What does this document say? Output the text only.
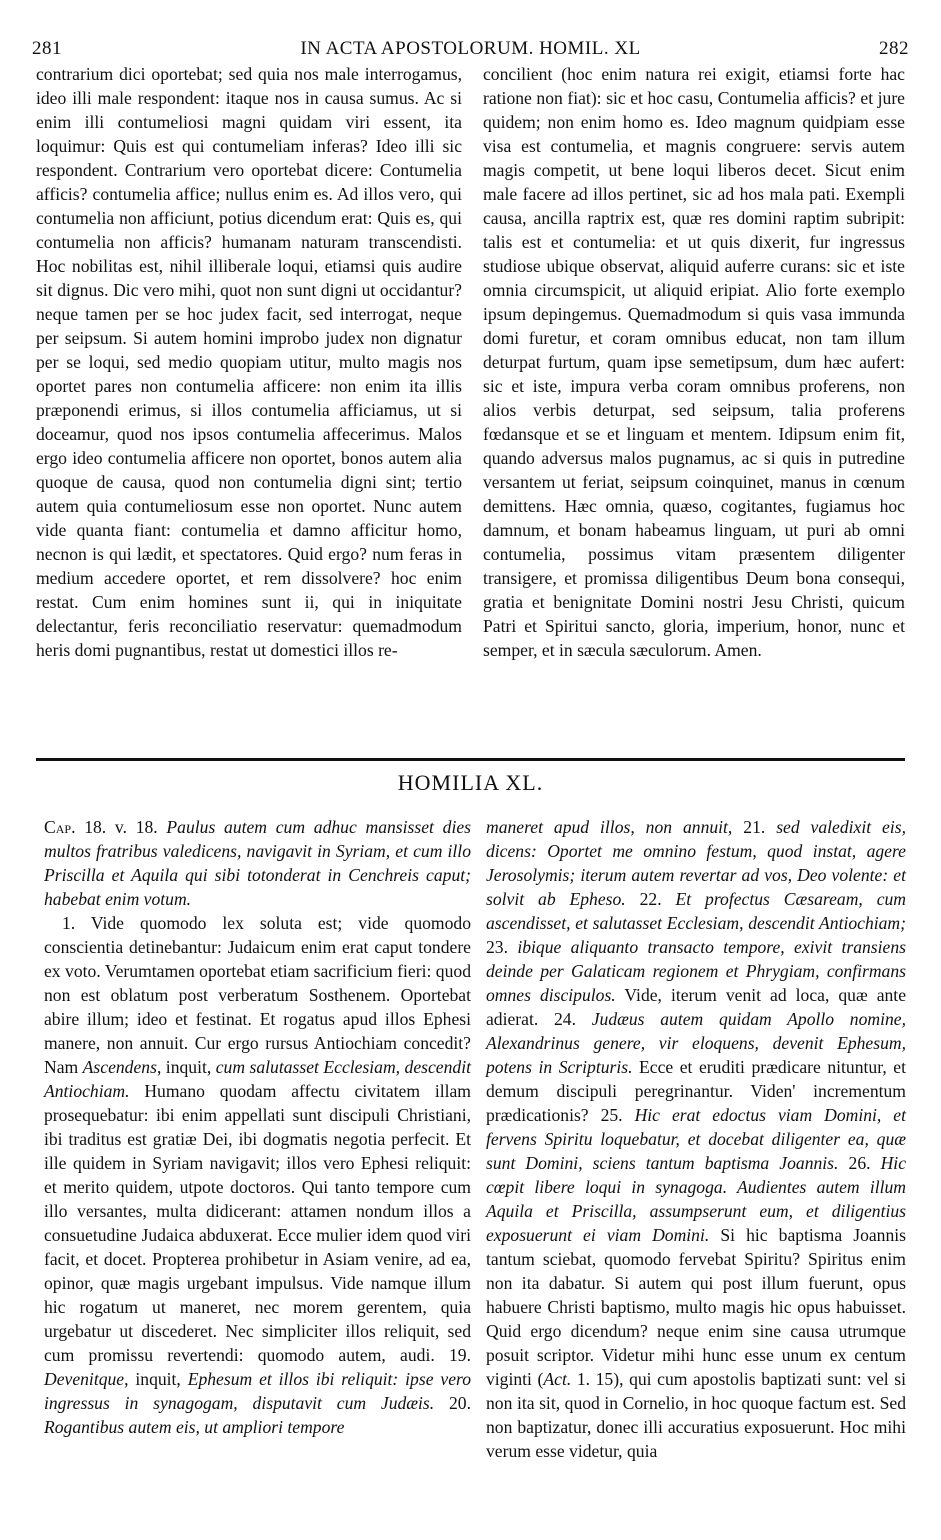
281	IN ACTA APOSTOLORUM. HOMIL. XL	282

contrarium dici oportebat; sed quia nos male interrogamus, ideo illi male respondent: itaque nos in causa sumus. Ac si enim illi contumeliosi magni quidam viri essent, ita loquimur: Quis est qui contumeliam inferas? Ideo illi sic respondent. Contrarium vero oportebat dicere: Contumelia afficis? contumelia affice; nullus enim es. Ad illos vero, qui contumelia non afficiunt, potius dicendum erat: Quis es, qui contumelia non afficis? humanam naturam transcendisti. Hoc nobilitas est, nihil illiberale loqui, etiamsi quis audire sit dignus. Dic vero mihi, quot non sunt digni ut occidantur? neque tamen per se hoc judex facit, sed interrogat, neque per seipsum. Si autem homini improbo judex non dignatur per se loqui, sed medio quopiam utitur, multo magis nos oportet pares non contumelia afficere: non enim ita illis præponendi erimus, si illos contumelia afficiamus, ut si doceamur, quod nos ipsos contumelia affecerimus. Malos ergo ideo contumelia afficere non oportet, bonos autem alia quoque de causa, quod non contumelia digni sint; tertio autem quia contumeliosum esse non oportet. Nunc autem vide quanta fiant: contumelia et damno afficitur homo, necnon is qui lædit, et spectatores. Quid ergo? num feras in medium accedere oportet, et rem dissolvere? hoc enim restat. Cum enim homines sunt ii, qui in iniquitate delectantur, feris reconciliatio reservatur: quemadmodum heris domi pugnantibus, restat ut domestici illos re-

concilient (hoc enim natura rei exigit, etiamsi forte hac ratione non fiat): sic et hoc casu, Contumelia afficis? et jure quidem; non enim homo es. Ideo magnum quidpiam esse visa est contumelia, et magnis congruere: servis autem magis competit, ut bene loqui liberos decet. Sicut enim male facere ad illos pertinet, sic ad hos mala pati. Exempli causa, ancilla raptrix est, quæ res domini raptim subripit: talis est et contumelia: et ut quis dixerit, fur ingressus studiose ubique observat, aliquid auferre curans: sic et iste omnia circumspicit, ut aliquid eripiat. Alio forte exemplo ipsum depingemus. Quemadmodum si quis vasa immunda domi furetur, et coram omnibus educat, non tam illum deturpat furtum, quam ipse semetipsum, dum hæc aufert: sic et iste, impura verba coram omnibus proferens, non alios verbis deturpat, sed seipsum, talia proferens fœdansque et se et linguam et mentem. Idipsum enim fit, quando adversus malos pugnamus, ac si quis in putredine versantem ut feriat, seipsum coinquinet, manus in cœnum demittens. Hæc omnia, quæso, cogitantes, fugiamus hoc damnum, et bonam habeamus linguam, ut puri ab omni contumelia, possimus vitam præsentem diligenter transigere, et promissa diligentibus Deum bona consequi, gratia et benignitate Domini nostri Jesu Christi, quicum Patri et Spiritui sancto, gloria, imperium, honor, nunc et semper, et in sæcula sæculorum. Amen.

HOMILIA XL.

Cap. 18. v. 18. Paulus autem cum adhuc mansisset dies multos fratribus valedicens, navigavit in Syriam, et cum illo Priscilla et Aquila qui sibi totonderat in Cenchreis caput; habebat enim votum.

1. Vide quomodo lex soluta est; vide quomodo conscientia detinebantur: Judaicum enim erat caput tondere ex voto. Verumtamen oportebat etiam sacrificium fieri: quod non est oblatum post verberatum Sosthenem. Oportebat abire illum; ideo et festinat. Et rogatus apud illos Ephesi manere, non annuit. Cur ergo rursus Antiochiam concedit? Nam Ascendens, inquit, cum salutasset Ecclesiam, descendit Antiochiam. Humano quodam affectu civitatem illam prosequebatur: ibi enim appellati sunt discipuli Christiani, ibi traditus est gratiæ Dei, ibi dogmatis negotia perfecit. Et ille quidem in Syriam navigavit; illos vero Ephesi reliquit: et merito quidem, utpote doctoros. Qui tanto tempore cum illo versantes, multa didicerant: attamen nondum illos a consuetudine Judaica abduxerat. Ecce mulier idem quod viri facit, et docet. Propterea prohibetur in Asiam venire, ad ea, opinor, quæ magis urgebant impulsus. Vide namque illum hic rogatum ut maneret, nec morem gerentem, quia urgebatur ut discederet. Nec simpliciter illos reliquit, sed cum promissu revertendi: quomodo autem, audi. 19. Devenitque, inquit, Ephesum et illos ibi reliquit: ipse vero ingressus in synagogam, disputavit cum Judæis. 20. Rogantibus autem eis, ut ampliori tempore

maneret apud illos, non annuit, 21. sed valedixit eis, dicens: Oportet me omnino festum, quod instat, agere Jerosolymis; iterum autem revertar ad vos, Deo volente: et solvit ab Epheso. 22. Et profectus Cæsaream, cum ascendisset, et salutasset Ecclesiam, descendit Antiochiam; 23. ibique aliquanto transacto tempore, exivit transiens deinde per Galaticam regionem et Phrygiam, confirmans omnes discipulos. Vide, iterum venit ad loca, quæ ante adierat. 24. Judæus autem quidam Apollo nomine, Alexandrinus genere, vir eloquens, devenit Ephesum, potens in Scripturis. Ecce et eruditi prædicare nituntur, et demum discipuli peregrinantur. Viden' incrementum prædicationis? 25. Hic erat edoctus viam Domini, et fervens Spiritu loquebatur, et docebat diligenter ea, quæ sunt Domini, sciens tantum baptisma Joannis. 26. Hic cœpit libere loqui in synagoga. Audientes autem illum Aquila et Priscilla, assumpserunt eum, et diligentius exposuerunt ei viam Domini. Si hic baptisma Joannis tantum sciebat, quomodo fervebat Spiritu? Spiritus enim non ita dabatur. Si autem qui post illum fuerunt, opus habuere Christi baptismo, multo magis hic opus habuisset. Quid ergo dicendum? neque enim sine causa utrumque posuit scriptor. Videtur mihi hunc esse unum ex centum viginti (Act. 1. 15), qui cum apostolis baptizati sunt: vel si non ita sit, quod in Cornelio, in hoc quoque factum est. Sed non baptizatur, donec illi accuratius exposuerunt. Hoc mihi verum esse videtur, quia
